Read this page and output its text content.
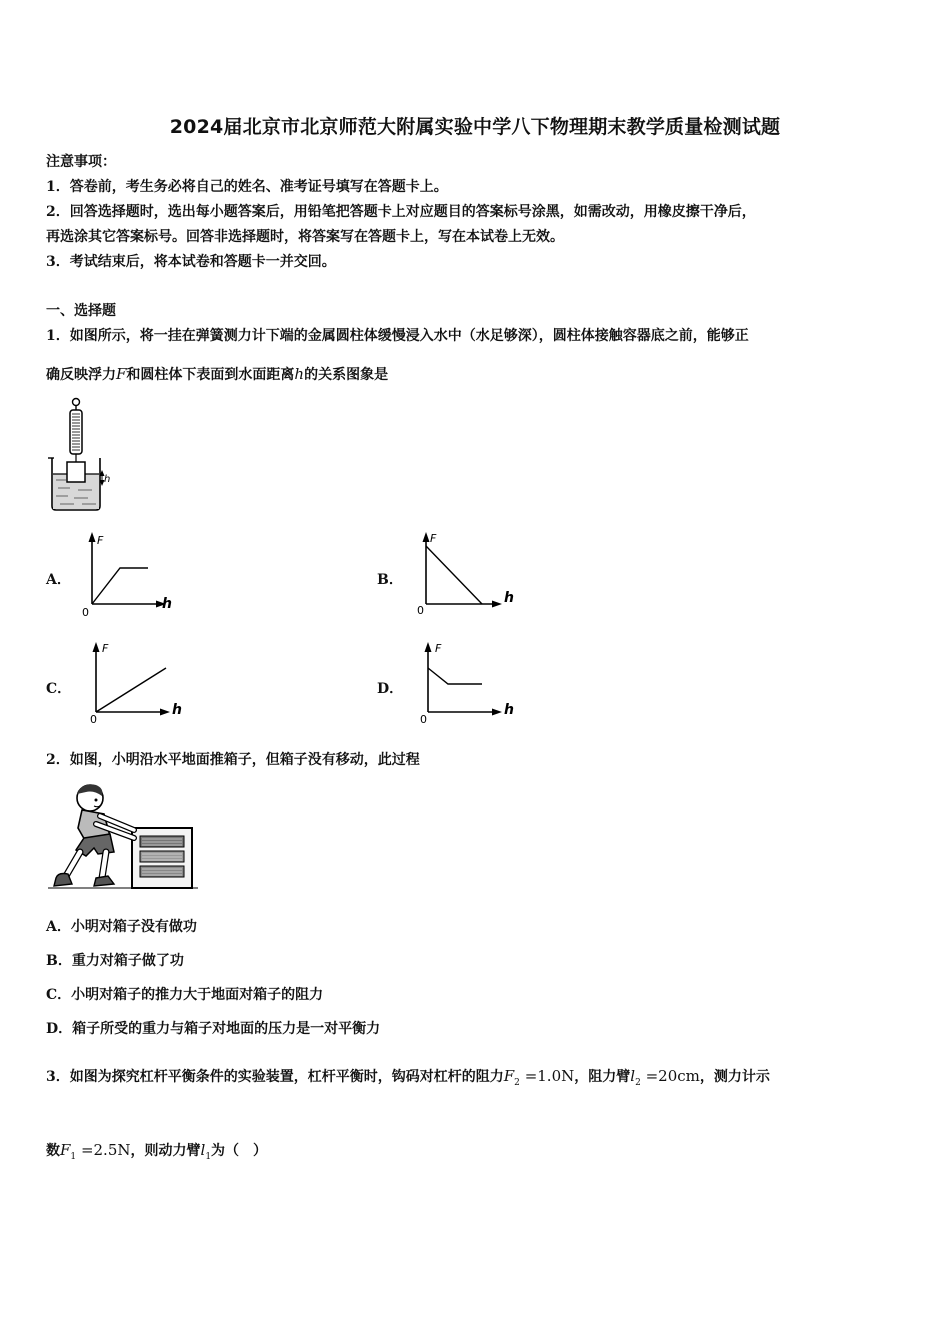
2024届北京市北京师范大附属实验中学八下物理期末教学质量检测试题
注意事项：
1．答卷前，考生务必将自己的姓名、准考证号填写在答题卡上。
2．回答选择题时，选出每小题答案后，用铅笔把答题卡上对应题目的答案标号涂黑，如需改动，用橡皮擦干净后，
再选涂其它答案标号。回答非选择题时，将答案写在答题卡上，写在本试卷上无效。
3．考试结束后，将本试卷和答题卡一并交回。
一、选择题
1．如图所示，将一挂在弹簧测力计下端的金属圆柱体缓慢浸入水中（水足够深），圆柱体接触容器底之前，能够正
确反映浮力F和圆柱体下表面到水面距离h的关系图象是
h
A．
F
h
0
B．
F
h
0
C．
F
h
0
D．
F
h
0
2．如图，小明沿水平地面推箱子，但箱子没有移动，此过程
A．小明对箱子没有做功
B．重力对箱子做了功
C．小明对箱子的推力大于地面对箱子的阻力
D．箱子所受的重力与箱子对地面的压力是一对平衡力
3．如图为探究杠杆平衡条件的实验装置，杠杆平衡时，钩码对杠杆的阻力$F_2 =1.0N$，阻力臂$l_2 =20cm$，测力计示
数$F_1 =2.5N$，则动力臂$l_1$为（　）
